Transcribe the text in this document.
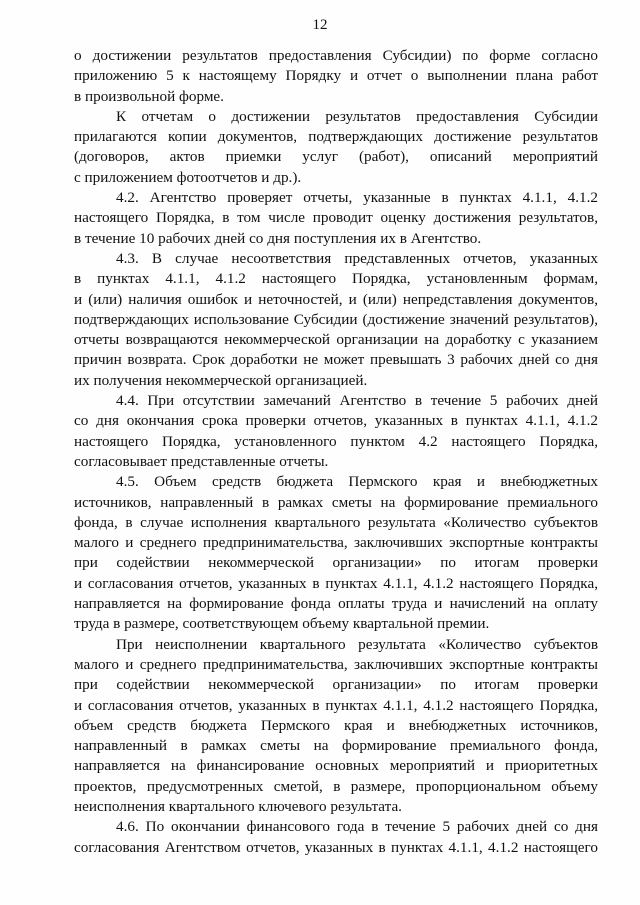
12
о достижении результатов предоставления Субсидии) по форме согласно
приложению 5 к настоящему Порядку и отчет о выполнении плана работ
в произвольной форме.
К отчетам о достижении результатов предоставления Субсидии
прилагаются копии документов, подтверждающих достижение результатов
(договоров, актов приемки услуг (работ), описаний мероприятий
с приложением фотоотчетов и др.).
4.2. Агентство проверяет отчеты, указанные в пунктах 4.1.1, 4.1.2
настоящего Порядка, в том числе проводит оценку достижения результатов,
в течение 10 рабочих дней со дня поступления их в Агентство.
4.3. В случае несоответствия представленных отчетов, указанных
в пунктах 4.1.1, 4.1.2 настоящего Порядка, установленным формам,
и (или) наличия ошибок и неточностей, и (или) непредставления документов,
подтверждающих использование Субсидии (достижение значений результатов),
отчеты возвращаются некоммерческой организации на доработку с указанием
причин возврата. Срок доработки не может превышать 3 рабочих дней со дня
их получения некоммерческой организацией.
4.4. При отсутствии замечаний Агентство в течение 5 рабочих дней
со дня окончания срока проверки отчетов, указанных в пунктах 4.1.1, 4.1.2
настоящего Порядка, установленного пунктом 4.2 настоящего Порядка,
согласовывает представленные отчеты.
4.5. Объем средств бюджета Пермского края и внебюджетных
источников, направленный в рамках сметы на формирование премиального
фонда, в случае исполнения квартального результата «Количество субъектов
малого и среднего предпринимательства, заключивших экспортные контракты
при содействии некоммерческой организации» по итогам проверки
и согласования отчетов, указанных в пунктах 4.1.1, 4.1.2 настоящего Порядка,
направляется на формирование фонда оплаты труда и начислений на оплату
труда в размере, соответствующем объему квартальной премии.
При неисполнении квартального результата «Количество субъектов
малого и среднего предпринимательства, заключивших экспортные контракты
при содействии некоммерческой организации» по итогам проверки
и согласования отчетов, указанных в пунктах 4.1.1, 4.1.2 настоящего Порядка,
объем средств бюджета Пермского края и внебюджетных источников,
направленный в рамках сметы на формирование премиального фонда,
направляется на финансирование основных мероприятий и приоритетных
проектов, предусмотренных сметой, в размере, пропорциональном объему
неисполнения квартального ключевого результата.
4.6. По окончании финансового года в течение 5 рабочих дней со дня
согласования Агентством отчетов, указанных в пунктах 4.1.1, 4.1.2 настоящего
